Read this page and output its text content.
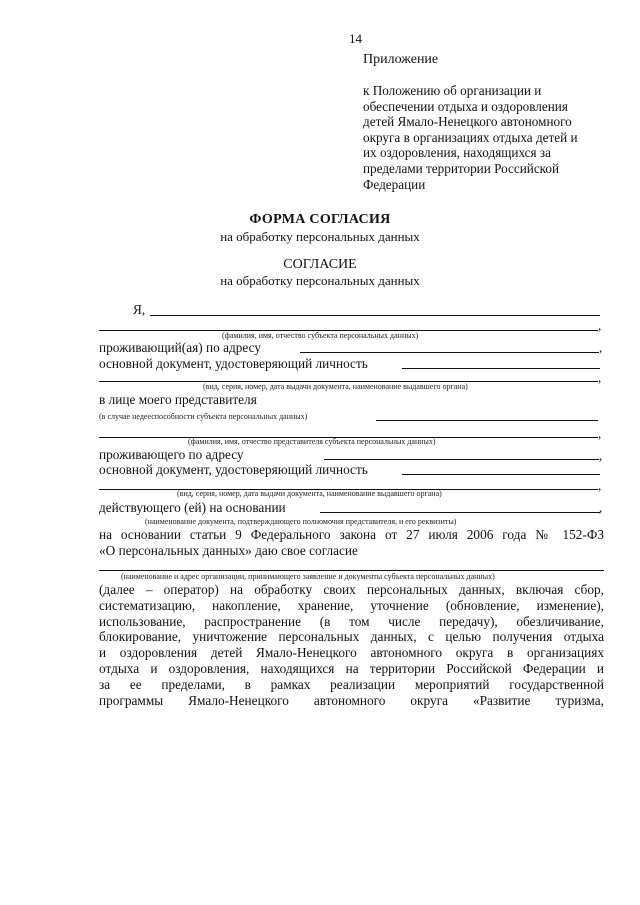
14
Приложение
к Положению об организации и
обеспечении отдыха и оздоровления
детей Ямало-Ненецкого автономного
округа в организациях отдыха детей и
их оздоровления, находящихся за
пределами территории Российской
Федерации
ФОРМА СОГЛАСИЯ
на обработку персональных данных
СОГЛАСИЕ
на обработку персональных данных
Я,
,
(фамилия, имя, отчество субъекта персональных данных)
проживающий(ая) по адресу	,
основной документ, удостоверяющий личность
,
(вид, серия, номер, дата выдачи документа, наименование выдавшего органа)
в лице моего представителя
(в случае недееспособности субъекта персональных данных)
,
(фамилия, имя, отчество представителя субъекта персональных данных)
проживающего по адресу	,
основной документ, удостоверяющий личность
,
(вид, серия, номер, дата выдачи документа, наименование выдавшего органа)
действующего (ей) на основании	,
(наименование документа, подтверждающего полномочия представителя, и его реквизиты)
на основании статьи 9 Федерального закона от 27 июля 2006 года № 152-ФЗ
«О персональных данных» даю свое согласие
(наименование и адрес организации, принимающего заявление и документы субъекта персональных данных)
(далее – оператор) на обработку своих персональных данных, включая сбор,
систематизацию, накопление, хранение, уточнение (обновление, изменение),
использование, распространение (в том числе передачу), обезличивание,
блокирование, уничтожение персональных данных, с целью получения отдыха
и оздоровления детей Ямало-Ненецкого автономного округа в организациях
отдыха и оздоровления, находящихся на территории Российской Федерации и
за ее пределами, в рамках реализации мероприятий государственной
программы Ямало-Ненецкого автономного округа «Развитие туризма,
